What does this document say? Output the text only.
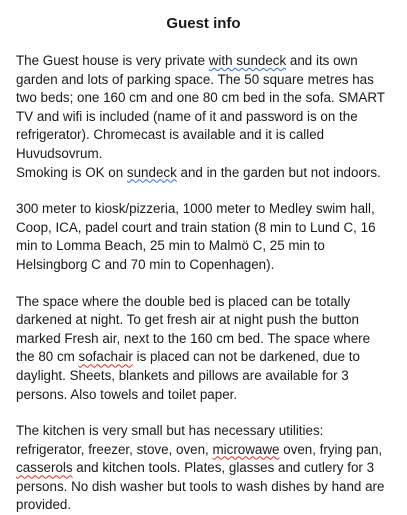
Guest info
The Guest house is very private with sundeck and its own garden and lots of parking space. The 50 square metres has two beds; one 160 cm and one 80 cm bed in the sofa. SMART TV and wifi is included (name of it and password is on the refrigerator). Chromecast is available and it is called Huvudsovrum.
Smoking is OK on sundeck and in the garden but not indoors.
300 meter to kiosk/pizzeria, 1000 meter to Medley swim hall, Coop, ICA, padel court and train station (8 min to Lund C, 16 min to Lomma Beach, 25 min to Malmö C, 25 min to Helsingborg C and 70 min to Copenhagen).
The space where the double bed is placed can be totally darkened at night. To get fresh air at night push the button marked Fresh air, next to the 160 cm bed. The space where the 80 cm sofachair is placed can not be darkened, due to daylight. Sheets, blankets and pillows are available for 3 persons. Also towels and toilet paper.
The kitchen is very small but has necessary utilities: refrigerator, freezer, stove, oven, microwawe oven, frying pan, casserols and kitchen tools. Plates, glasses and cutlery for 3 persons. No dish washer but tools to wash dishes by hand are provided.
